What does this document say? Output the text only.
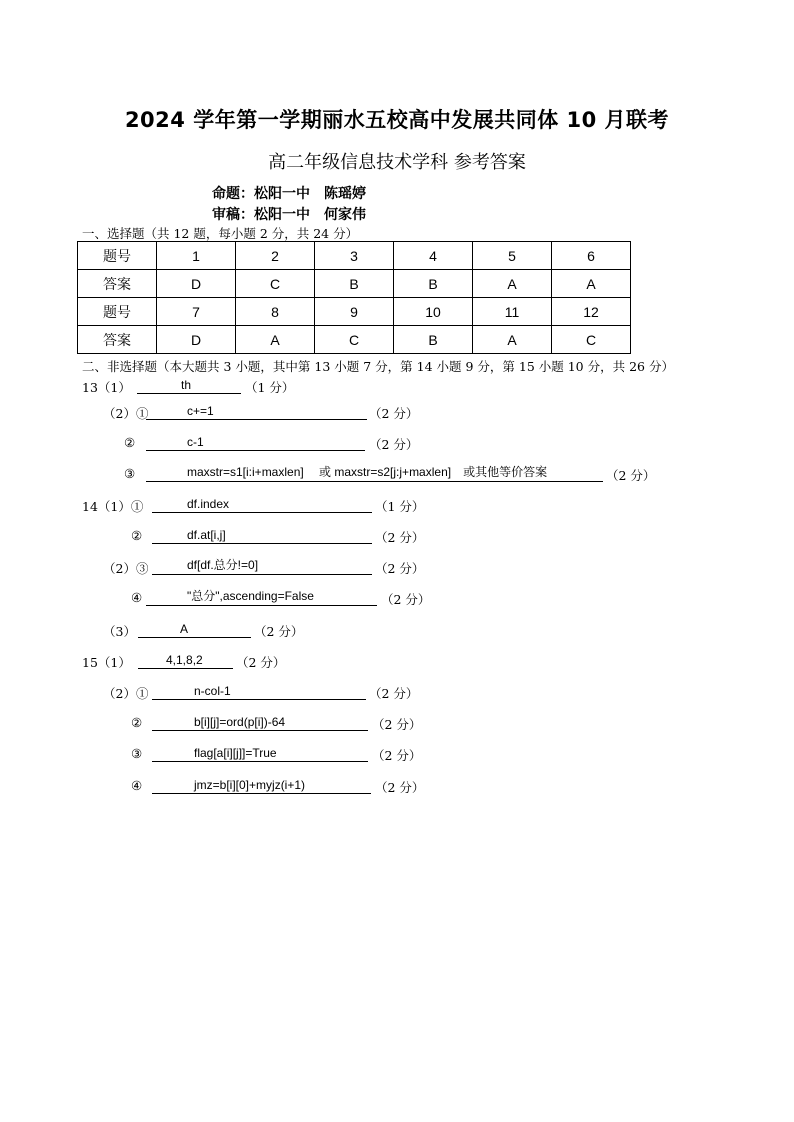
2024 学年第一学期丽水五校高中发展共同体 10 月联考
高二年级信息技术学科 参考答案
命题：松阳一中　陈瑶婷
审稿：松阳一中　何家伟
一、选择题（共 12 题，每小题 2 分，共 24 分）
题号	1	2	3	4	5	6
答案	D	C	B	B	A	A
题号	7	8	9	10	11	12
答案	D	A	C	B	A	C
二、非选择题（本大题共 3 小题，其中第 13 小题 7 分，第 14 小题 9 分，第 15 小题 10 分，共 26 分）
13（1）	th	（1 分）
（2）①	c+=1	（2 分）
②	c-1	（2 分）
③	maxstr=s1[i:i+maxlen]　 或 maxstr=s2[j:j+maxlen]　或其他等价答案	（2 分）
14（1）①	df.index	（1 分）
②	df.at[i,j]	（2 分）
（2）③	df[df.总分!=0]	（2 分）
④	"总分",ascending=False	（2 分）
（3）	A	（2 分）
15（1）	4,1,8,2	（2 分）
（2）①	n-col-1	（2 分）
②	b[i][j]=ord(p[i])-64	（2 分）
③	flag[a[i][j]]=True	（2 分）
④	jmz=b[i][0]+myjz(i+1)	（2 分）
